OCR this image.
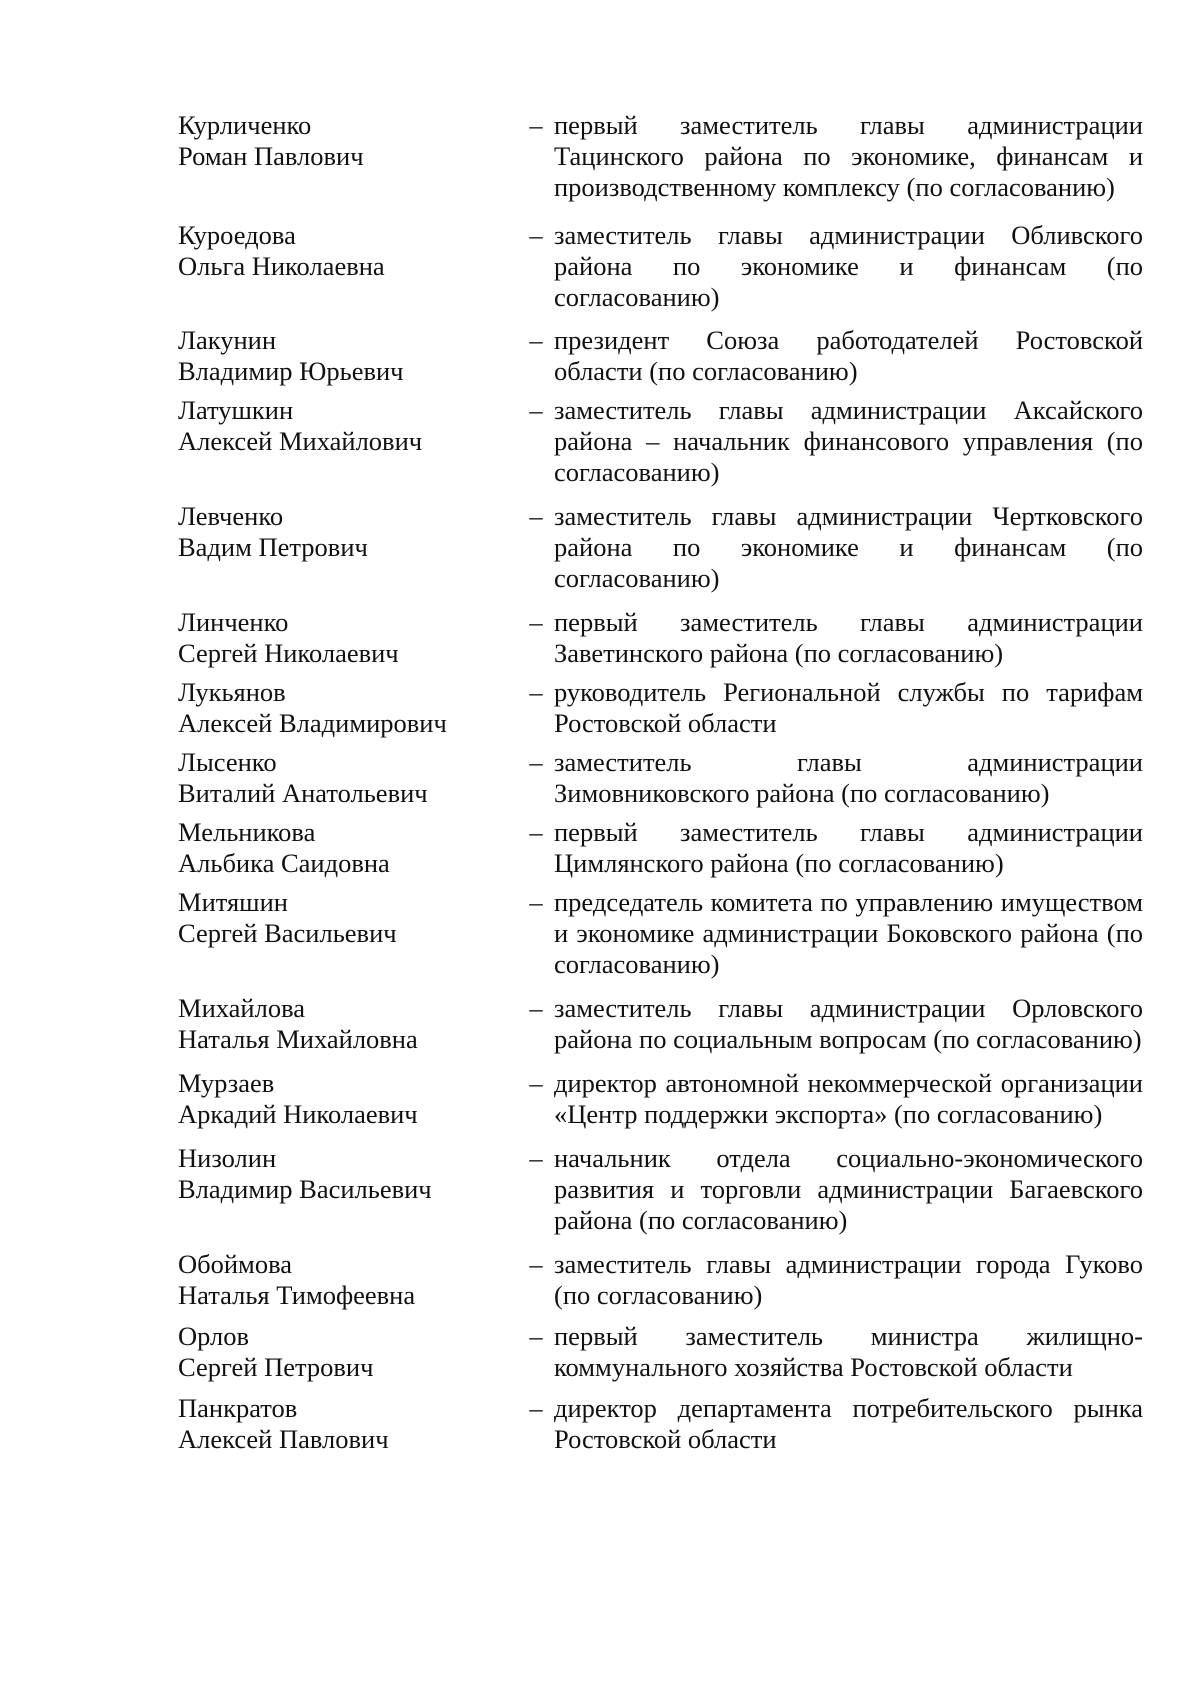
Курличенко
Роман Павлович
– первый заместитель главы администрации Тацинского района по экономике, финансам и производственному комплексу (по согласованию)
Куроедова
Ольга Николаевна
– заместитель главы администрации Обливского района по экономике и финансам (по согласованию)
Лакунин
Владимир Юрьевич
– президент Союза работодателей Ростовской области (по согласованию)
Латушкин
Алексей Михайлович
– заместитель главы администрации Аксайского района – начальник финансового управления (по согласованию)
Левченко
Вадим Петрович
– заместитель главы администрации Чертковского района по экономике и финансам (по согласованию)
Линченко
Сергей Николаевич
– первый заместитель главы администрации Заветинского района (по согласованию)
Лукьянов
Алексей Владимирович
– руководитель Региональной службы по тарифам Ростовской области
Лысенко
Виталий Анатольевич
– заместитель главы администрации Зимовниковского района (по согласованию)
Мельникова
Альбика Саидовна
– первый заместитель главы администрации Цимлянского района (по согласованию)
Митяшин
Сергей Васильевич
– председатель комитета по управлению имуществом и экономике администрации Боковского района (по согласованию)
Михайлова
Наталья Михайловна
– заместитель главы администрации Орловского района по социальным вопросам (по согласованию)
Мурзаев
Аркадий Николаевич
– директор автономной некоммерческой организации «Центр поддержки экспорта» (по согласованию)
Низолин
Владимир Васильевич
– начальник отдела социально-экономического развития и торговли администрации Багаевского района (по согласованию)
Обоймова
Наталья Тимофеевна
– заместитель главы администрации города Гуково (по согласованию)
Орлов
Сергей Петрович
– первый заместитель министра жилищно-коммунального хозяйства Ростовской области
Панкратов
Алексей Павлович
– директор департамента потребительского рынка Ростовской области
